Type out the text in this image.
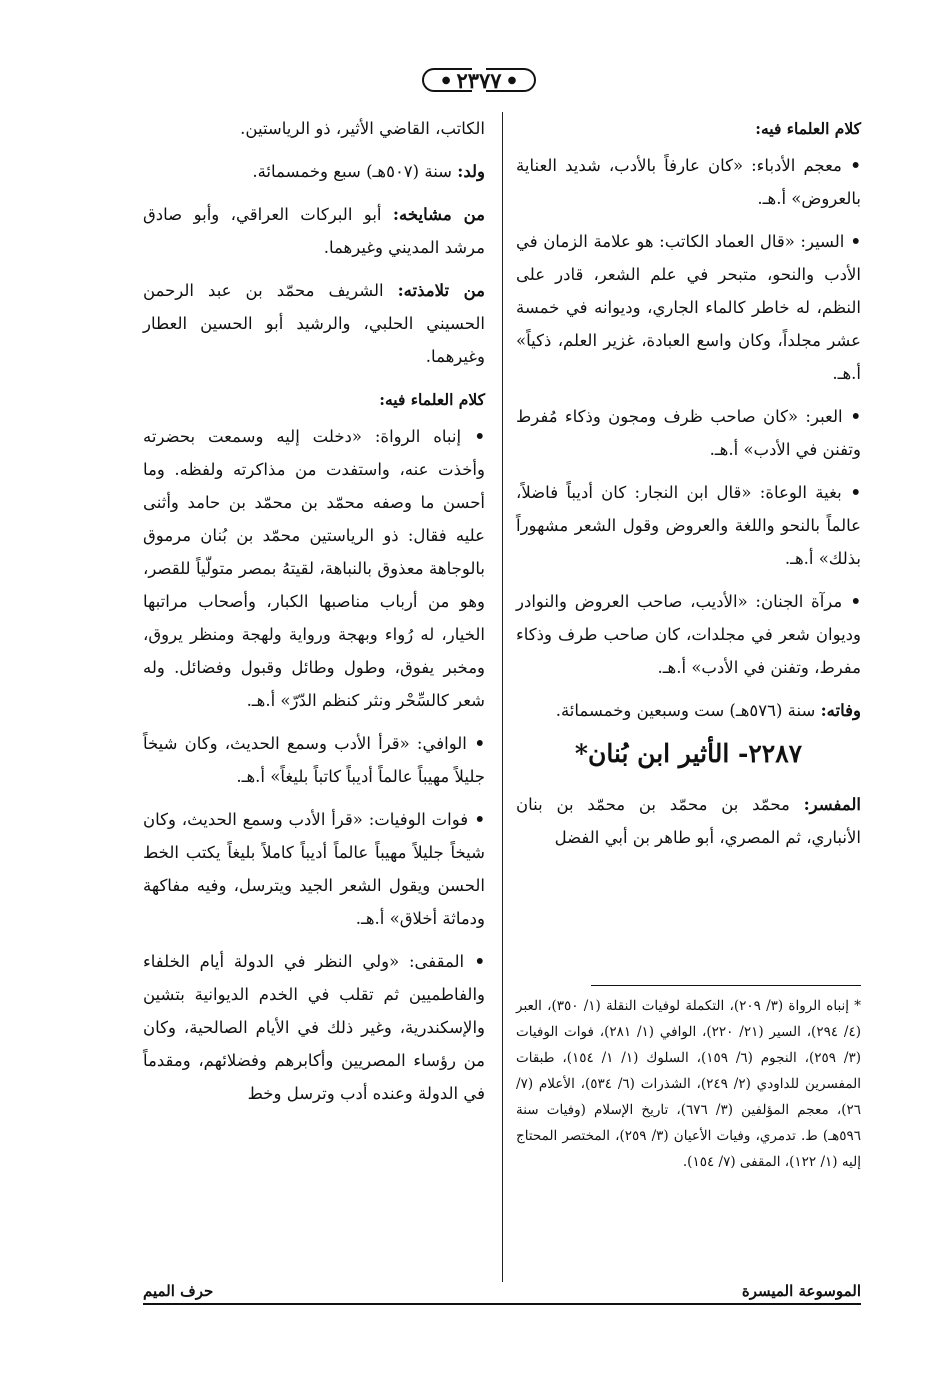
●
٢٣٧٧
●
كلام العلماء فيه:

• معجم الأدباء: «كان عارفاً بالأدب، شديد العناية بالعروض» أ.هـ.

• السير: «قال العماد الكاتب: هو علامة الزمان في الأدب والنحو، متبحر في علم الشعر، قادر على النظم، له خاطر كالماء الجاري، وديوانه في خمسة عشر مجلداً، وكان واسع العبادة، غزير العلم، ذكياً» أ.هـ.

• العبر: «كان صاحب ظرف ومجون وذكاء مُفرط وتفنن في الأدب» أ.هـ.

• بغية الوعاة: «قال ابن النجار: كان أديباً فاضلاً، عالماً بالنحو واللغة والعروض وقول الشعر مشهوراً بذلك» أ.هـ.

• مرآة الجنان: «الأديب، صاحب العروض والنوادر وديوان شعر في مجلدات، كان صاحب طرف وذكاء مفرط، وتفنن في الأدب» أ.هـ.

وفاته: سنة (٥٧٦هـ) ست وسبعين وخمسمائة.

٢٢٨٧- الأثير ابن بُنان*

المفسر: محمّد بن محمّد بن محمّد بن بنان الأنباري، ثم المصري، أبو طاهر بن أبي الفضل

الكاتب، القاضي الأثير، ذو الرياستين.

ولد: سنة (٥٠٧هـ) سبع وخمسمائة.

من مشايخه: أبو البركات العراقي، وأبو صادق مرشد المديني وغيرهما.

من تلامذته: الشريف محمّد بن عبد الرحمن الحسيني الحلبي، والرشيد أبو الحسين العطار وغيرهما.

كلام العلماء فيه:

• إنباه الرواة: «دخلت إليه وسمعت بحضرته وأخذت عنه، واستفدت من مذاكرته ولفظه. وما أحسن ما وصفه محمّد بن محمّد بن حامد وأثنى عليه فقال: ذو الرياستين محمّد بن بُنان مرموق بالوجاهة معذوق بالنباهة، لقيتهُ بمصر متولّياً للقصر، وهو من أرباب مناصبها الكبار، وأصحاب مراتبها الخيار، له رُواء وبهجة ورواية ولهجة ومنظر يروق، ومخبر يفوق، وطول وطائل وقبول وفضائل. وله شعر كالسِّحْر ونثر كنظم الدّرّ» أ.هـ.

• الوافي: «قرأ الأدب وسمع الحديث، وكان شيخاً جليلاً مهيباً عالماً أديباً كاتباً بليغاً» أ.هـ.

• فوات الوفيات: «قرأ الأدب وسمع الحديث، وكان شيخاً جليلاً مهيباً عالماً أديباً كاملاً بليغاً يكتب الخط الحسن ويقول الشعر الجيد ويترسل، وفيه مفاكهة ودماثة أخلاق» أ.هـ.

• المقفى: «ولي النظر في الدولة أيام الخلفاء والفاطميين ثم تقلب في الخدم الديوانية بتشين والإسكندرية، وغير ذلك في الأيام الصالحية، وكان من رؤساء المصريين وأكابرهم وفضلائهم، ومقدماً في الدولة وعنده أدب وترسل وخط

* إنباه الرواة (٣/ ٢٠٩)، التكملة لوفيات النقلة (١/ ٣٥٠)، العبر (٤/ ٢٩٤)، السير (٢١/ ٢٢٠)، الوافي (١/ ٢٨١)، فوات الوفيات (٣/ ٢٥٩)، النجوم (٦/ ١٥٩)، السلوك (١/ ١/ ١٥٤)، طبقات المفسرين للداودي (٢/ ٢٤٩)، الشذرات (٦/ ٥٣٤)، الأعلام (٧/ ٢٦)، معجم المؤلفين (٣/ ٦٧٦)، تاريخ الإسلام (وفيات سنة ٥٩٦هـ) ط. تدمري، وفيات الأعيان (٣/ ٢٥٩)، المختصر المحتاج إليه (١/ ١٢٢)، المقفى (٧/ ١٥٤).
الموسوعة الميسرة
حرف الميم
